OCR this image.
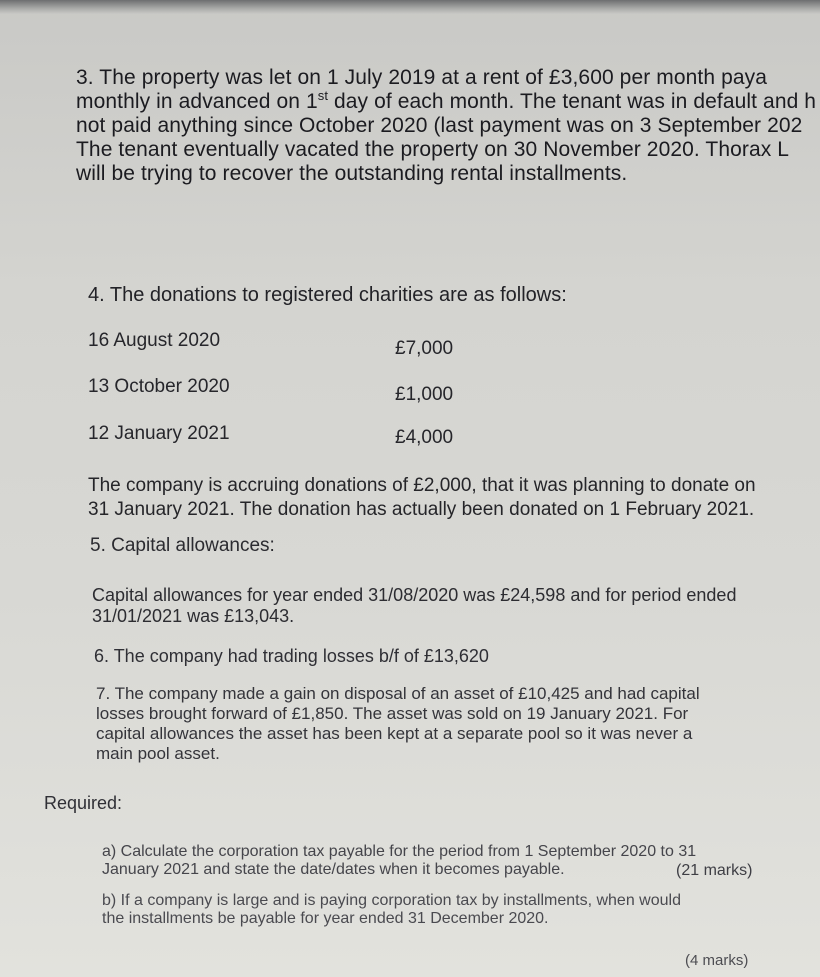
3. The property was let on 1 July 2019 at a rent of £3,600 per month paya
monthly in advanced on 1st day of each month. The tenant was in default and h
not paid anything since October 2020 (last payment was on 3 September 202
The tenant eventually vacated the property on 30 November 2020. Thorax L
will be trying to recover the outstanding rental installments.
4. The donations to registered charities are as follows:
16 August 2020	£7,000
13 October 2020	£1,000
12 January 2021	£4,000
The company is accruing donations of £2,000, that it was planning to donate on
31 January 2021. The donation has actually been donated on 1 February 2021.
5. Capital allowances:
Capital allowances for year ended 31/08/2020 was £24,598 and for period ended
31/01/2021 was £13,043.
6. The company had trading losses b/f of £13,620
7. The company made a gain on disposal of an asset of £10,425 and had capital
losses brought forward of £1,850. The asset was sold on 19 January 2021. For
capital allowances the asset has been kept at a separate pool so it was never a
main pool asset.
Required:
a) Calculate the corporation tax payable for the period from 1 September 2020 to 31
January 2021 and state the date/dates when it becomes payable.	(21 marks)
b) If a company is large and is paying corporation tax by installments, when would
the installments be payable for year ended 31 December 2020.
(4 marks)
